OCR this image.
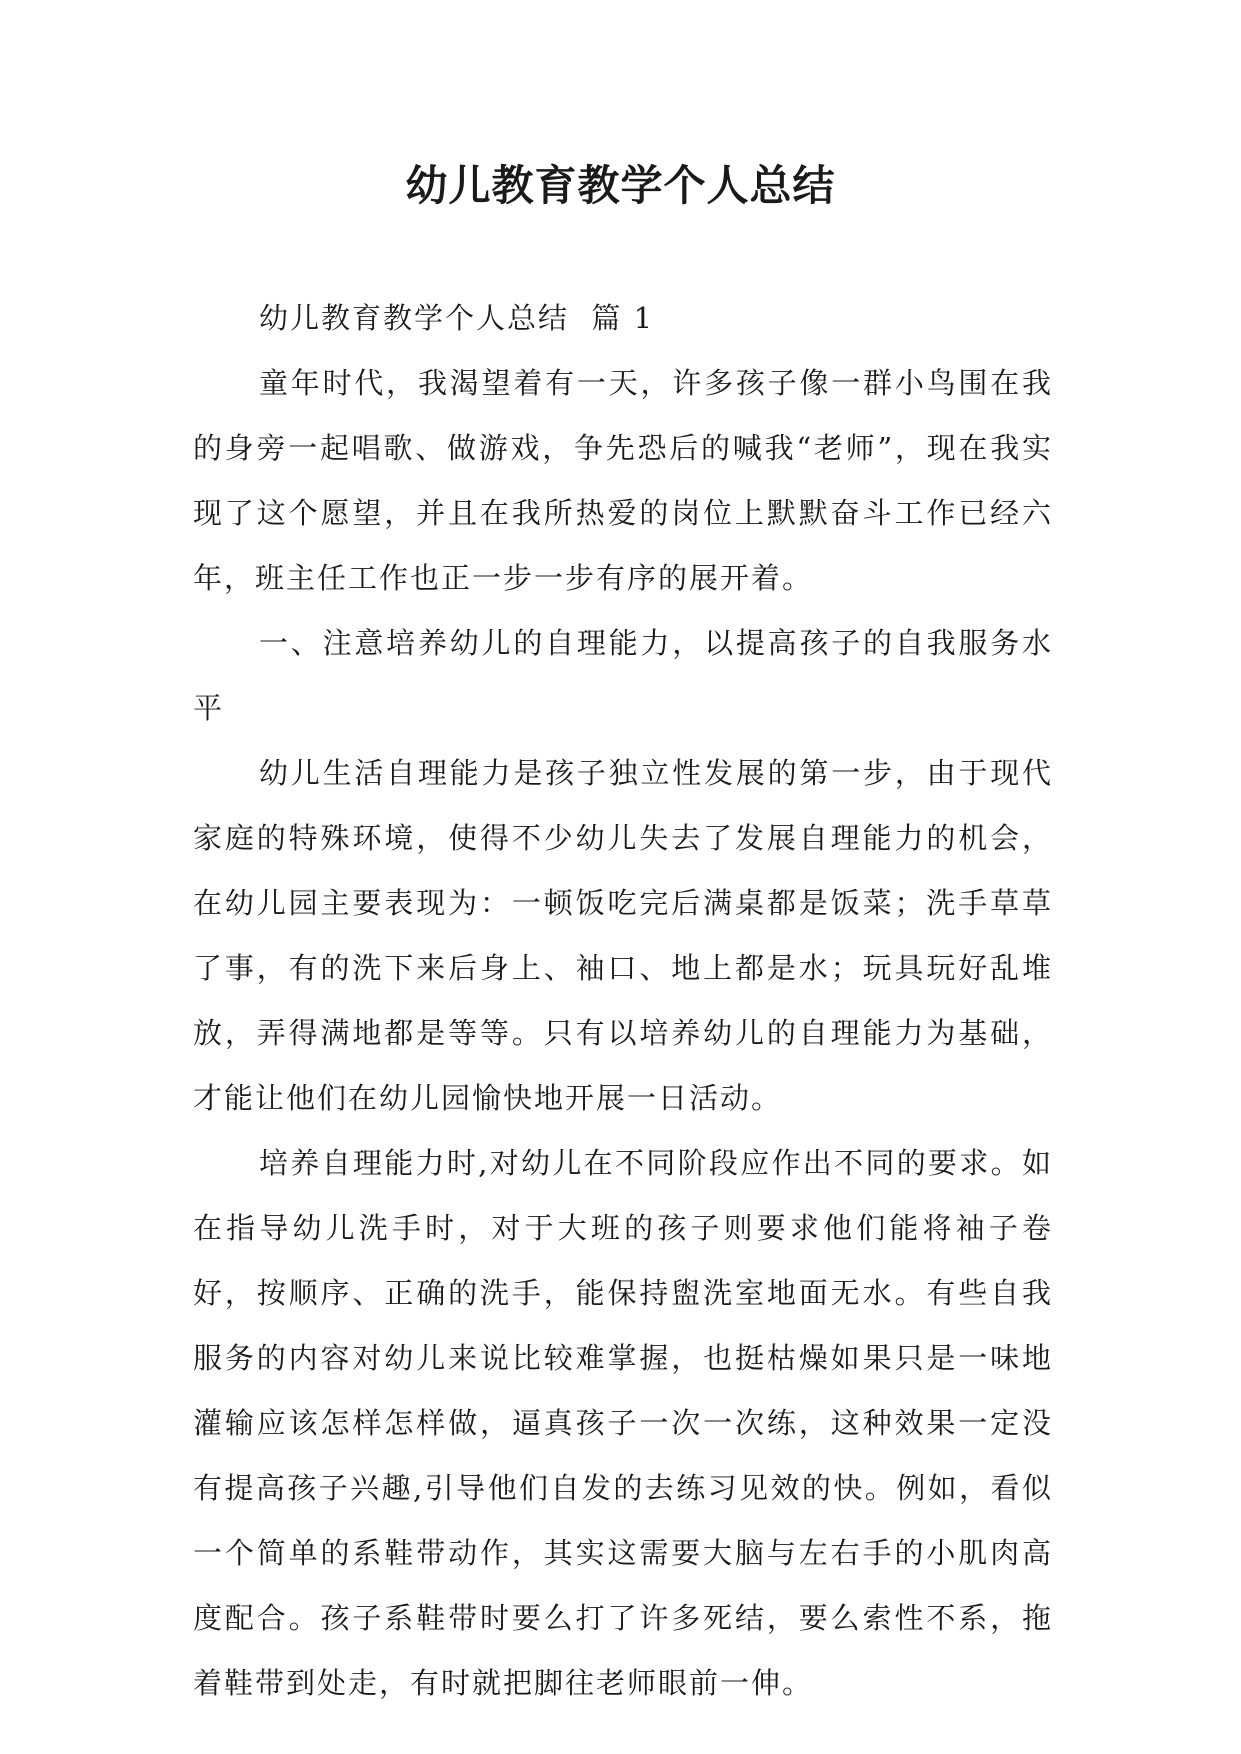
幼儿教育教学个人总结

幼儿教育教学个人总结  篇 1

童年时代，我渴望着有一天，许多孩子像一群小鸟围在我的身旁一起唱歌、做游戏，争先恐后的喊我“老师”，现在我实现了这个愿望，并且在我所热爱的岗位上默默奋斗工作已经六年，班主任工作也正一步一步有序的展开着。

一、注意培养幼儿的自理能力，以提高孩子的自我服务水平

幼儿生活自理能力是孩子独立性发展的第一步，由于现代家庭的特殊环境，使得不少幼儿失去了发展自理能力的机会，在幼儿园主要表现为：一顿饭吃完后满桌都是饭菜；洗手草草了事，有的洗下来后身上、袖口、地上都是水；玩具玩好乱堆放，弄得满地都是等等。只有以培养幼儿的自理能力为基础，才能让他们在幼儿园愉快地开展一日活动。

培养自理能力时,对幼儿在不同阶段应作出不同的要求。如在指导幼儿洗手时，对于大班的孩子则要求他们能将袖子卷好，按顺序、正确的洗手，能保持盥洗室地面无水。有些自我服务的内容对幼儿来说比较难掌握，也挺枯燥如果只是一味地灌输应该怎样怎样做，逼真孩子一次一次练，这种效果一定没有提高孩子兴趣,引导他们自发的去练习见效的快。例如，看似一个简单的系鞋带动作，其实这需要大脑与左右手的小肌肉高度配合。孩子系鞋带时要么打了许多死结，要么索性不系，拖着鞋带到处走，有时就把脚往老师眼前一伸。
